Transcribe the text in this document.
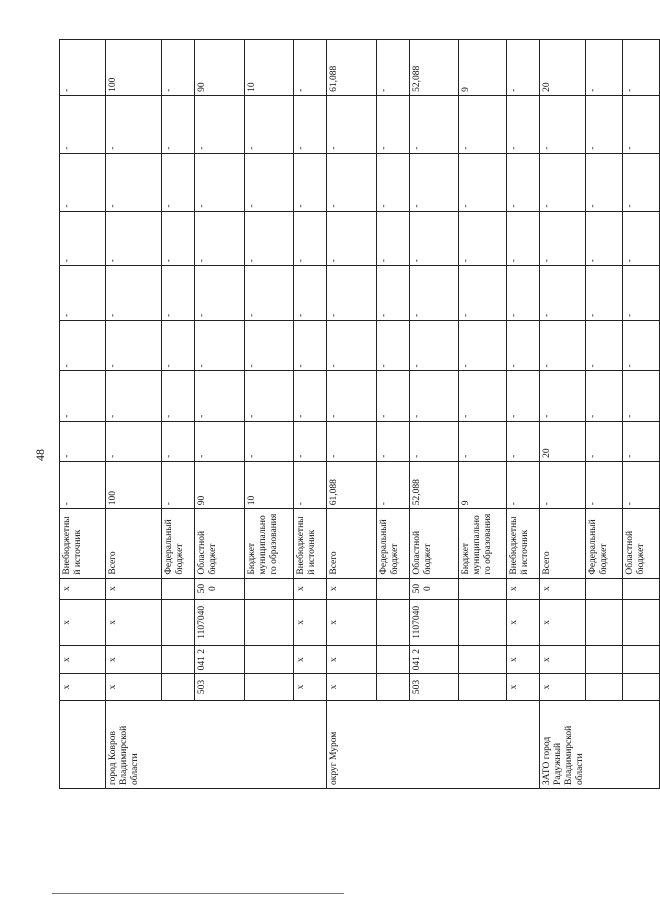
48
	х	х	х	х	Внебюджетный источник	-	-	-	-	-	-	-	-	-
город Ковров Владимирской области	х	х	х	х	Всего	100	-	-	-	-	-	-	-	100
					Федеральный бюджет	-	-	-	-	-	-	-	-	-
	503	041 2	1107040	50 0	Областной бюджет	90	-	-	-	-	-	-	-	90
					Бюджет муниципального образования	10	-	-	-	-	-	-	-	10
	х	х	х	х	Внебюджетный источник	-	-	-	-	-	-	-	-	-
округ Муром	х	х	х	х	Всего	61,088	-	-	-	-	-	-	-	61,088
					Федеральный бюджет	-	-	-	-	-	-	-	-	-
	503	041 2	1107040	50 0	Областной бюджет	52,088	-	-	-	-	-	-	-	52,088
					Бюджет муниципального образования	9	-	-	-	-	-	-	-	9
	х	х	х	х	Внебюджетный источник	-	-	-	-	-	-	-	-	-
ЗАТО город Радужный Владимирской области	х	х	х	х	Всего	-	20	-	-	-	-	-	-	20
					Федеральный бюджет	-	-	-	-	-	-	-	-	-
					Областной бюджет	-	-	-	-	-	-	-	-	-
